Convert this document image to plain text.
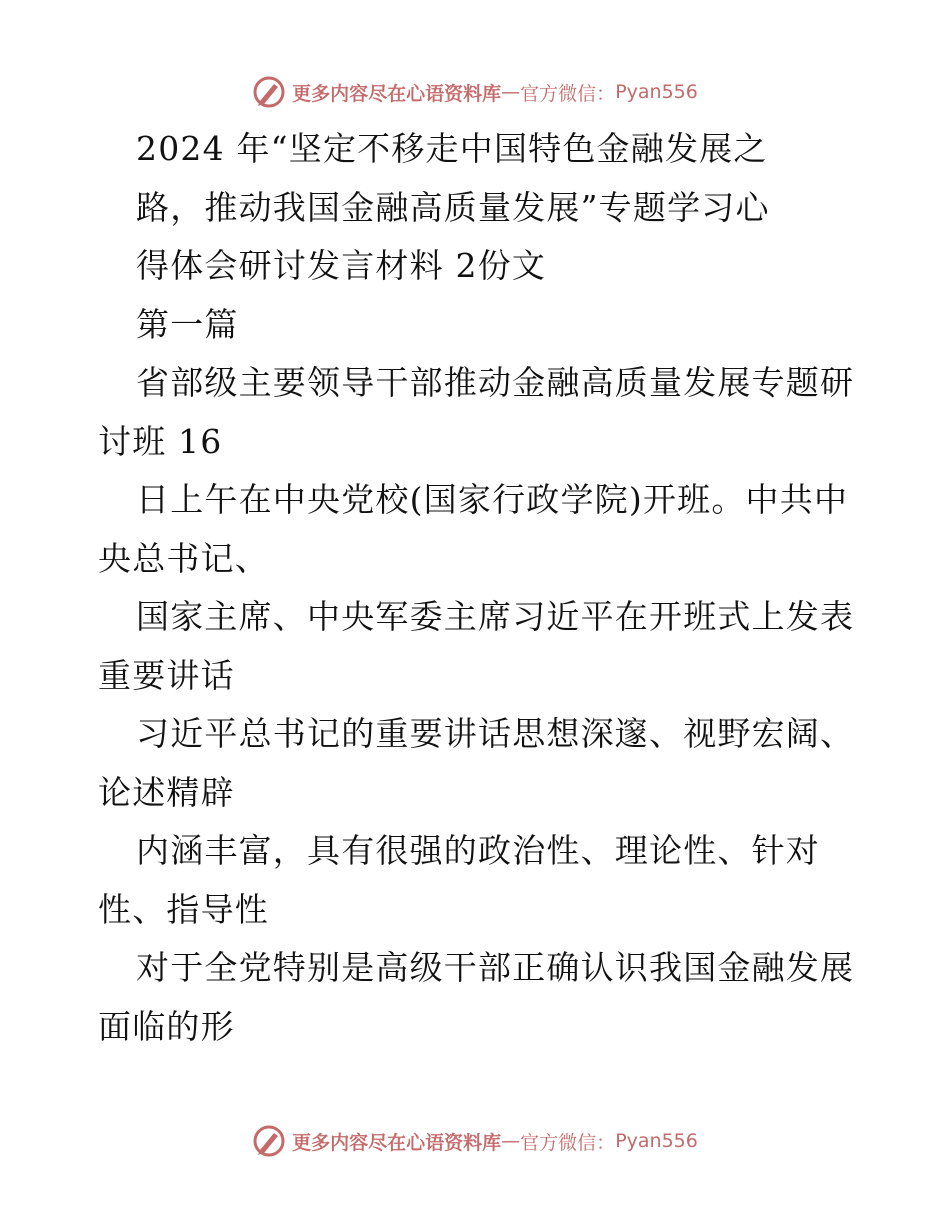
更多内容尽在心语资料库 — 官方微信： Pyan556
2024 年“坚定不移走中国特色金融发展之
路，推动我国金融高质量发展”专题学习心
得体会研讨发言材料 2份文
第一篇
省部级主要领导干部推动金融高质量发展专题研
讨班 16
日上午在中央党校(国家行政学院)开班。中共中
央总书记、
国家主席、中央军委主席习近平在开班式上发表
重要讲话
习近平总书记的重要讲话思想深邃、视野宏阔、
论述精辟
内涵丰富，具有很强的政治性、理论性、针对
性、指导性
对于全党特别是高级干部正确认识我国金融发展
面临的形
更多内容尽在心语资料库 — 官方微信： Pyan556
